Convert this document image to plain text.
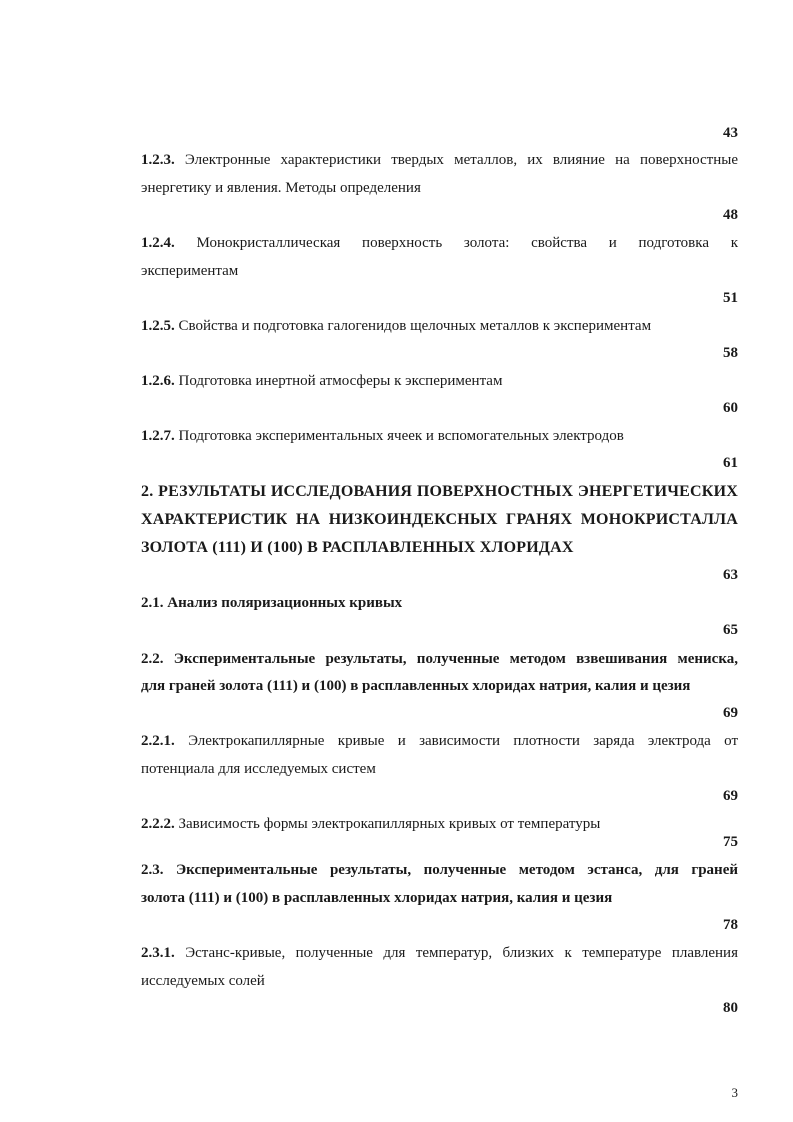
43
1.2.3. Электронные характеристики твердых металлов, их влияние на поверхностные
энергетику и явления. Методы определения
48
1.2.4. Монокристаллическая поверхность золота: свойства и подготовка к
экспериментам
51
1.2.5. Свойства и подготовка галогенидов щелочных металлов к экспериментам
58
1.2.6. Подготовка инертной атмосферы к экспериментам
60
1.2.7. Подготовка экспериментальных ячеек и вспомогательных электродов
61
2. РЕЗУЛЬТАТЫ ИССЛЕДОВАНИЯ ПОВЕРХНОСТНЫХ ЭНЕРГЕТИЧЕСКИХ
ХАРАКТЕРИСТИК НА НИЗКОИНДЕКСНЫХ ГРАНЯХ МОНОКРИСТАЛЛА
ЗОЛОТА (111) И (100) В РАСПЛАВЛЕННЫХ ХЛОРИДАХ
63
2.1. Анализ поляризационных кривых
65
2.2. Экспериментальные результаты, полученные методом взвешивания мениска,
для граней золота (111) и (100) в расплавленных хлоридах натрия, калия и цезия
69
2.2.1. Электрокапиллярные кривые и зависимости плотности заряда электрода от
потенциала для исследуемых систем
69
2.2.2. Зависимость формы электрокапиллярных кривых от температуры
75
2.3. Экспериментальные результаты, полученные методом эстанса, для граней
золота (111) и (100) в расплавленных хлоридах натрия, калия и цезия
78
2.3.1. Эстанс-кривые, полученные для температур, близких к температуре плавления
исследуемых солей
80
3
